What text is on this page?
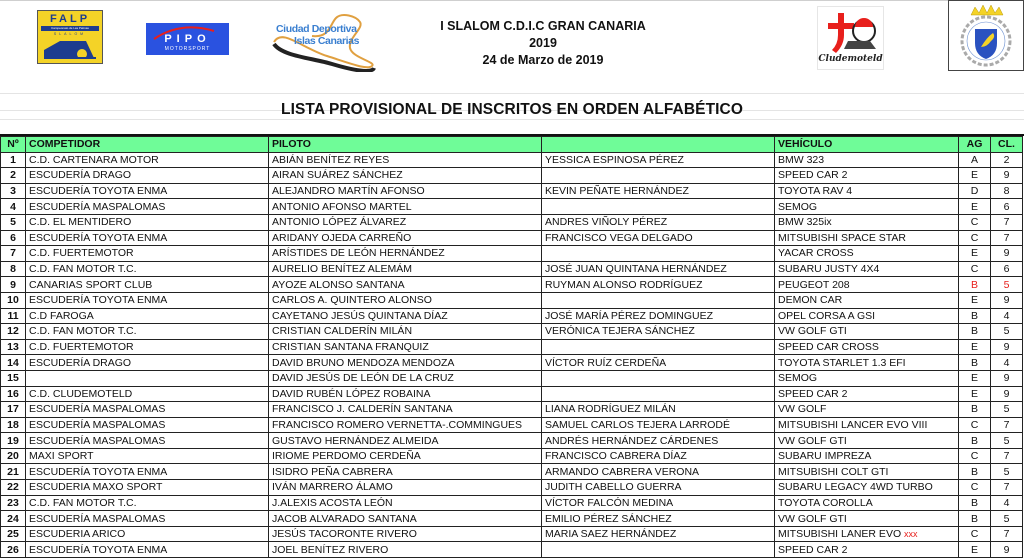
FALP
Campeonato de Las Palmas
SLALOM	PIPO
MOTORSPORT
Ciudad Deportiva
Islas Canarias
I SLALOM C.D.I.C GRAN CANARIA 2019
24 de Marzo de 2019	Cludemoteld
LISTA PROVISIONAL DE INSCRITOS EN ORDEN ALFABÉTICO
Nº	COMPETIDOR	PILOTO		VEHÍCULO	AG	CL.
1	C.D. CARTENARA MOTOR	ABIÁN BENÍTEZ REYES	YESSICA ESPINOSA PÉREZ	BMW 323	A	2
2	ESCUDERÍA DRAGO	AIRAN SUÁREZ SÁNCHEZ		SPEED CAR 2	E	9
3	ESCUDERÍA TOYOTA ENMA	ALEJANDRO MARTÍN AFONSO	KEVIN PEÑATE HERNÁNDEZ	TOYOTA RAV 4	D	8
4	ESCUDERÍA MASPALOMAS	ANTONIO AFONSO MARTEL		SEMOG	E	6
5	C.D. EL MENTIDERO	ANTONIO LÓPEZ ÁLVAREZ	ANDRES VIÑOLY PÉREZ	BMW 325ix	C	7
6	ESCUDERÍA TOYOTA ENMA	ARIDANY OJEDA CARREÑO	FRANCISCO VEGA DELGADO	MITSUBISHI SPACE STAR	C	7
7	C.D. FUERTEMOTOR	ARÍSTIDES DE LEÓN HERNÁNDEZ		YACAR CROSS	E	9
8	C.D. FAN MOTOR T.C.	AURELIO BENÍTEZ ALEMÁM	JOSÉ JUAN QUINTANA HERNÁNDEZ	SUBARU JUSTY 4X4	C	6
9	CANARIAS SPORT CLUB	AYOZE ALONSO SANTANA	RUYMAN ALONSO RODRÍGUEZ	PEUGEOT 208	B	5
10	ESCUDERÍA TOYOTA ENMA	CARLOS A. QUINTERO ALONSO		DEMON CAR	E	9
11	C.D FAROGA	CAYETANO JESÚS QUINTANA DÍAZ	JOSÉ MARÍA PÉREZ DOMINGUEZ	OPEL CORSA A GSI	B	4
12	C.D. FAN MOTOR T.C.	CRISTIAN CALDERÍN MILÁN	VERÓNICA TEJERA SÁNCHEZ	VW GOLF GTI	B	5
13	C.D. FUERTEMOTOR	CRISTIAN SANTANA FRANQUIZ		SPEED CAR CROSS	E	9
14	ESCUDERÍA DRAGO	DAVID BRUNO MENDOZA MENDOZA	VÍCTOR RUÍZ CERDEÑA	TOYOTA STARLET 1.3 EFI	B	4
15		DAVID JESÚS DE LEÓN DE LA CRUZ		SEMOG	E	9
16	C.D. CLUDEMOTELD	DAVID RUBÉN LÓPEZ ROBAINA		SPEED CAR 2	E	9
17	ESCUDERÍA MASPALOMAS	FRANCISCO J. CALDERÍN SANTANA	LIANA RODRÍGUEZ MILÁN	VW GOLF	B	5
18	ESCUDERÍA MASPALOMAS	FRANCISCO ROMERO VERNETTA-.COMMINGUES	SAMUEL CARLOS TEJERA LARRODÉ	MITSUBISHI LANCER EVO VIII	C	7
19	ESCUDERÍA MASPALOMAS	GUSTAVO HERNÁNDEZ ALMEIDA	ANDRÉS HERNÁNDEZ CÁRDENES	VW GOLF GTI	B	5
20	MAXI SPORT	IRIOME PERDOMO CERDEÑA	FRANCISCO CABRERA DÍAZ	SUBARU IMPREZA	C	7
21	ESCUDERÍA TOYOTA ENMA	ISIDRO PEÑA CABRERA	ARMANDO CABRERA VERONA	MITSUBISHI COLT GTI	B	5
22	ESCUDERIA MAXO SPORT	IVÁN MARRERO ÁLAMO	JUDITH CABELLO GUERRA	SUBARU LEGACY 4WD TURBO	C	7
23	C.D. FAN MOTOR T.C.	J.ALEXIS ACOSTA LEÓN	VÍCTOR FALCÓN MEDINA	TOYOTA COROLLA	B	4
24	ESCUDERÍA MASPALOMAS	JACOB ALVARADO SANTANA	EMILIO PÉREZ SÁNCHEZ	VW GOLF GTI	B	5
25	ESCUDERIA ARICO	JESÚS TACORONTE RIVERO	MARIA SAEZ HERNÁNDEZ	MITSUBISHI LANER EVO xxx	C	7
26	ESCUDERÍA TOYOTA ENMA	JOEL BENÍTEZ RIVERO		SPEED CAR 2	E	9
